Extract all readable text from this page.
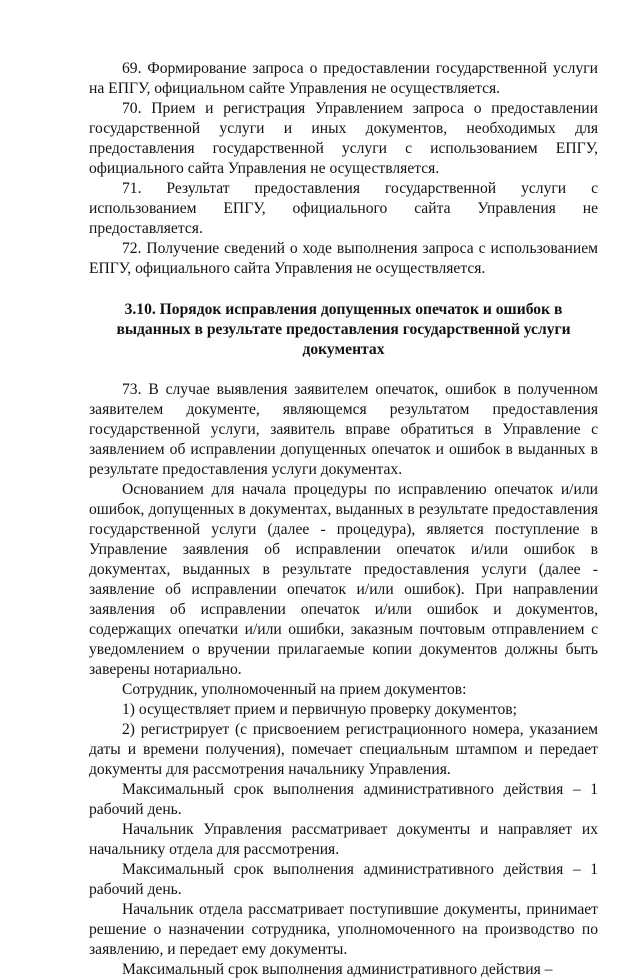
69. Формирование запроса о предоставлении государственной услуги на ЕПГУ, официальном сайте Управления не осуществляется.

70. Прием и регистрация Управлением запроса о предоставлении государственной услуги и иных документов, необходимых для предоставления государственной услуги с использованием ЕПГУ, официального сайта Управления не осуществляется.

71. Результат предоставления государственной услуги с использованием ЕПГУ, официального сайта Управления не предоставляется.

72. Получение сведений о ходе выполнения запроса с использованием ЕПГУ, официального сайта Управления не осуществляется.

3.10. Порядок исправления допущенных опечаток и ошибок в выданных в результате предоставления государственной услуги документах

73. В случае выявления заявителем опечаток, ошибок в полученном заявителем документе, являющемся результатом предоставления государственной услуги, заявитель вправе обратиться в Управление с заявлением об исправлении допущенных опечаток и ошибок в выданных в результате предоставления услуги документах.

Основанием для начала процедуры по исправлению опечаток и/или ошибок, допущенных в документах, выданных в результате предоставления государственной услуги (далее - процедура), является поступление в Управление заявления об исправлении опечаток и/или ошибок в документах, выданных в результате предоставления услуги (далее - заявление об исправлении опечаток и/или ошибок). При направлении заявления об исправлении опечаток и/или ошибок и документов, содержащих опечатки и/или ошибки, заказным почтовым отправлением с уведомлением о вручении прилагаемые копии документов должны быть заверены нотариально.

Сотрудник, уполномоченный на прием документов:

1) осуществляет прием и первичную проверку документов;

2) регистрирует (с присвоением регистрационного номера, указанием даты и времени получения), помечает специальным штампом и передает документы для рассмотрения начальнику Управления.

Максимальный срок выполнения административного действия – 1 рабочий день.

Начальник Управления рассматривает документы и направляет их начальнику отдела для рассмотрения.

Максимальный срок выполнения административного действия – 1 рабочий день.

Начальник отдела рассматривает поступившие документы, принимает решение о назначении сотрудника, уполномоченного на производство по заявлению, и передает ему документы.

Максимальный срок выполнения административного действия –
